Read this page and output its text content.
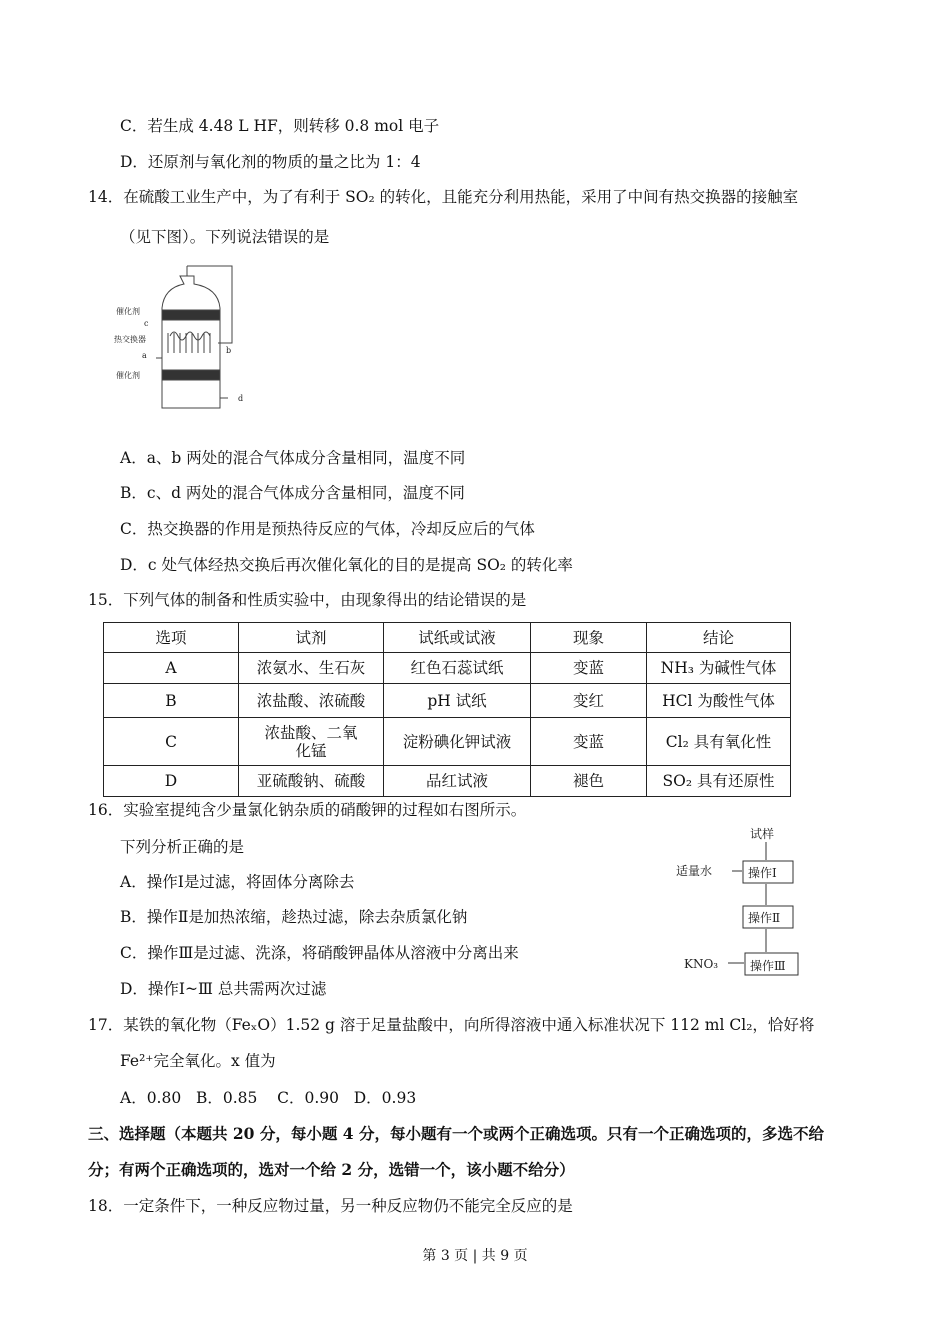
C．若生成 4.48 L HF，则转移 0.8 mol 电子
D．还原剂与氧化剂的物质的量之比为 1：4
14．在硫酸工业生产中，为了有利于 SO₂ 的转化，且能充分利用热能，采用了中间有热交换器的接触室
（见下图）。下列说法错误的是
催化剂
c
热交换器
a
b
催化剂
d
A．a、b 两处的混合气体成分含量相同，温度不同
B．c、d 两处的混合气体成分含量相同，温度不同
C．热交换器的作用是预热待反应的气体，冷却反应后的气体
D．c 处气体经热交换后再次催化氧化的目的是提高 SO₂ 的转化率
15．下列气体的制备和性质实验中，由现象得出的结论错误的是
选项	试剂	试纸或试液	现象	结论
A	浓氨水、生石灰	红色石蕊试纸	变蓝	NH₃ 为碱性气体
B	浓盐酸、浓硫酸	pH 试纸	变红	HCl 为酸性气体
C	浓盐酸、二氧化锰	淀粉碘化钾试液	变蓝	Cl₂ 具有氧化性
D	亚硫酸钠、硫酸	品红试液	褪色	SO₂ 具有还原性
16．实验室提纯含少量氯化钠杂质的硝酸钾的过程如右图所示。
下列分析正确的是
A．操作Ⅰ是过滤，将固体分离除去
B．操作Ⅱ是加热浓缩，趁热过滤，除去杂质氯化钠
C．操作Ⅲ是过滤、洗涤，将硝酸钾晶体从溶液中分离出来
D．操作Ⅰ~Ⅲ 总共需两次过滤
试样
适量水	操作Ⅰ
操作Ⅱ
操作Ⅲ
KNO₃
17．某铁的氧化物（FeₓO）1.52 g 溶于足量盐酸中，向所得溶液中通入标准状况下 112 ml Cl₂，恰好将
Fe²⁺完全氧化。x 值为
A．0.80   B．0.85    C．0.90   D．0.93
三、选择题（本题共 20 分，每小题 4 分，每小题有一个或两个正确选项。只有一个正确选项的，多选不给
分；有两个正确选项的，选对一个给 2 分，选错一个，该小题不给分）
18．一定条件下，一种反应物过量，另一种反应物仍不能完全反应的是
第 3 页 | 共 9 页
